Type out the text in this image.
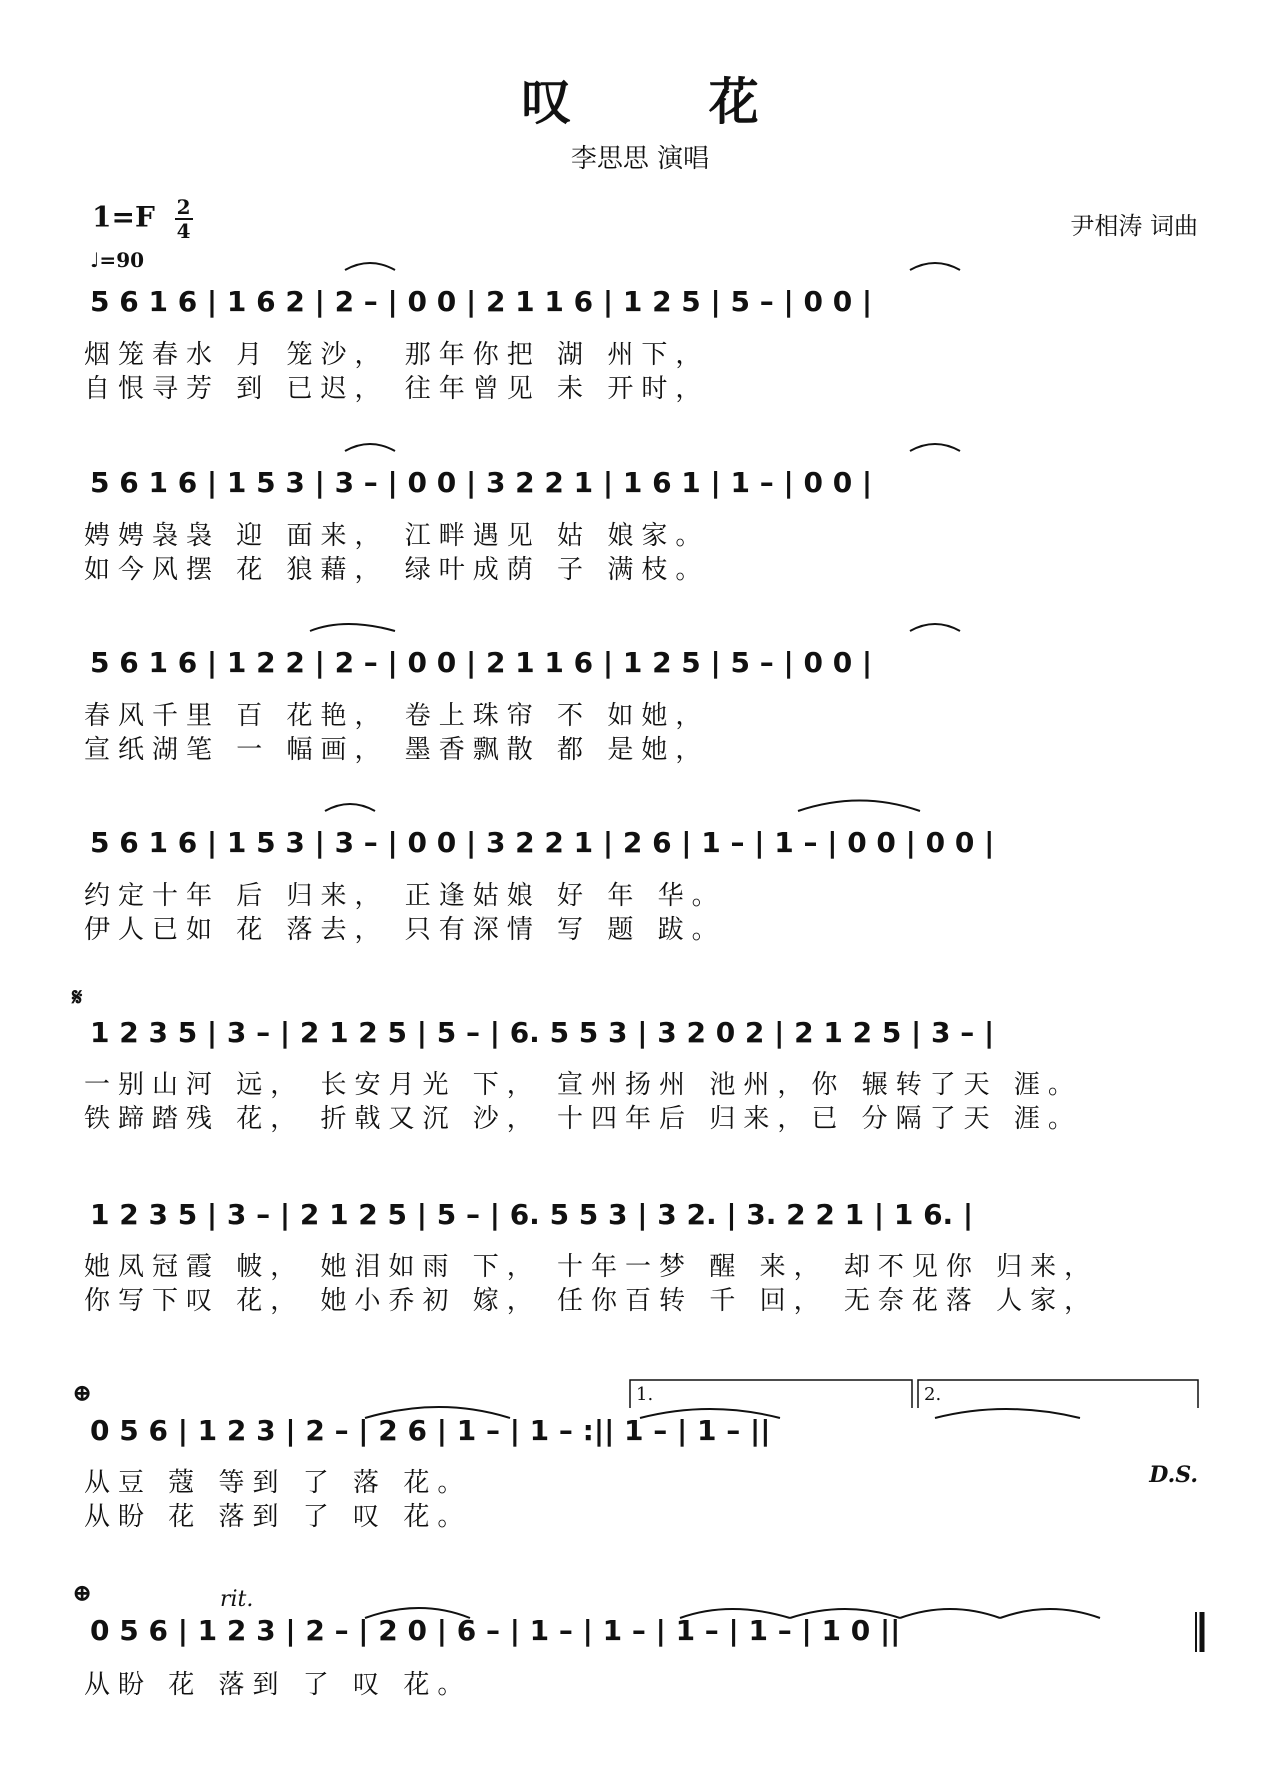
叹 花
李思思 演唱
$1=F \frac{2}{4}$	尹相涛 词曲
♩=90
5 6 1 6 | 1 6 2 | 2 – | 0 0 | 2 1 1 6 | 1 2 5 | 5 – | 0 0 |
烟笼春水 月 笼沙， 那年你把 湖 州下，
自恨寻芳 到 已迟， 往年曾见 未 开时，
5 6 1 6 | 1 5 3 | 3 – | 0 0 | 3 2 2 1 | 1 6 1 | 1 – | 0 0 |
娉娉袅袅 迎 面来， 江畔遇见 姑 娘家。
如今风摆 花 狼藉， 绿叶成荫 子 满枝。
5 6 1 6 | 1 2 2 | 2 – | 0 0 | 2 1 1 6 | 1 2 5 | 5 – | 0 0 |
春风千里 百 花艳， 卷上珠帘 不 如她，
宣纸湖笔 一 幅画， 墨香飘散 都 是她，
5 6 1 6 | 1 5 3 | 3 – | 0 0 | 3 2 2 1 | 2 6 | 1 – | 1 – | 0 0 | 0 0 |
约定十年 后 归来， 正逢姑娘 好 年 华。
伊人已如 花 落去， 只有深情 写 题 跋。
𝄋
1 2 3 5 | 3 – | 2 1 2 5 | 5 – | 6. 5 5 3 | 3 2 0 2 | 2 1 2 5 | 3 – |
一别山河 远， 长安月光 下， 宣州扬州 池州，你 辗转了天 涯。
铁蹄踏残 花， 折戟又沉 沙， 十四年后 归来，已 分隔了天 涯。
1 2 3 5 | 3 – | 2 1 2 5 | 5 – | 6. 5 5 3 | 3 2. | 3. 2 2 1 | 1 6. |
她凤冠霞 帔， 她泪如雨 下， 十年一梦 醒 来， 却不见你 归来，
你写下叹 花， 她小乔初 嫁， 任你百转 千 回， 无奈花落 人家，
⊕	1.	2.
0 5 6 | 1 2 3 | 2 – | 2 6 | 1 – | 1 – :|| 1 – | 1 – ||
从豆 蔻 等到 了 落 花。
从盼 花 落到 了 叹 花。
D.S.
⊕	rit.
0 5 6 | 1 2 3 | 2 – | 2 0 | 6 – | 1 – | 1 – | 1 – | 1 – | 1 0 ||
从盼 花 落到 了 叹 花。
